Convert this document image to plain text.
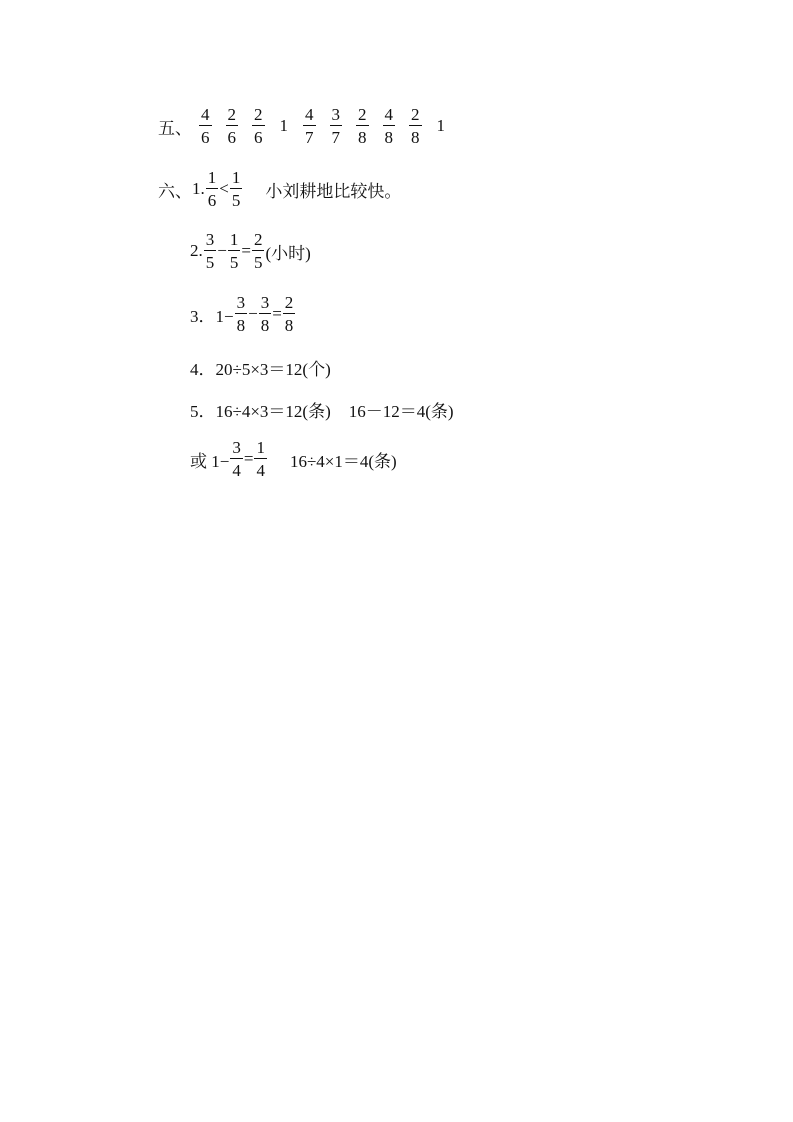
五、 $\frac{4}{6} \frac{2}{6} \frac{2}{6} 1 \frac{4}{7} \frac{3}{7} \frac{2}{8} \frac{4}{8} \frac{2}{8} 1$
六、 1. $\frac{1}{6} < \frac{1}{5}$ 小刘耕地比较快。
2. $\frac{3}{5} - \frac{1}{5} = \frac{2}{5}$ (小时)
3．$1- \frac{3}{8} - \frac{3}{8} = \frac{2}{8}$
4．20÷5×3＝12(个)
5．16÷4×3＝12(条) 16－12＝4(条)
或 $1- \frac{3}{4} = \frac{1}{4} 16\div 4\times 1=4$(条)
